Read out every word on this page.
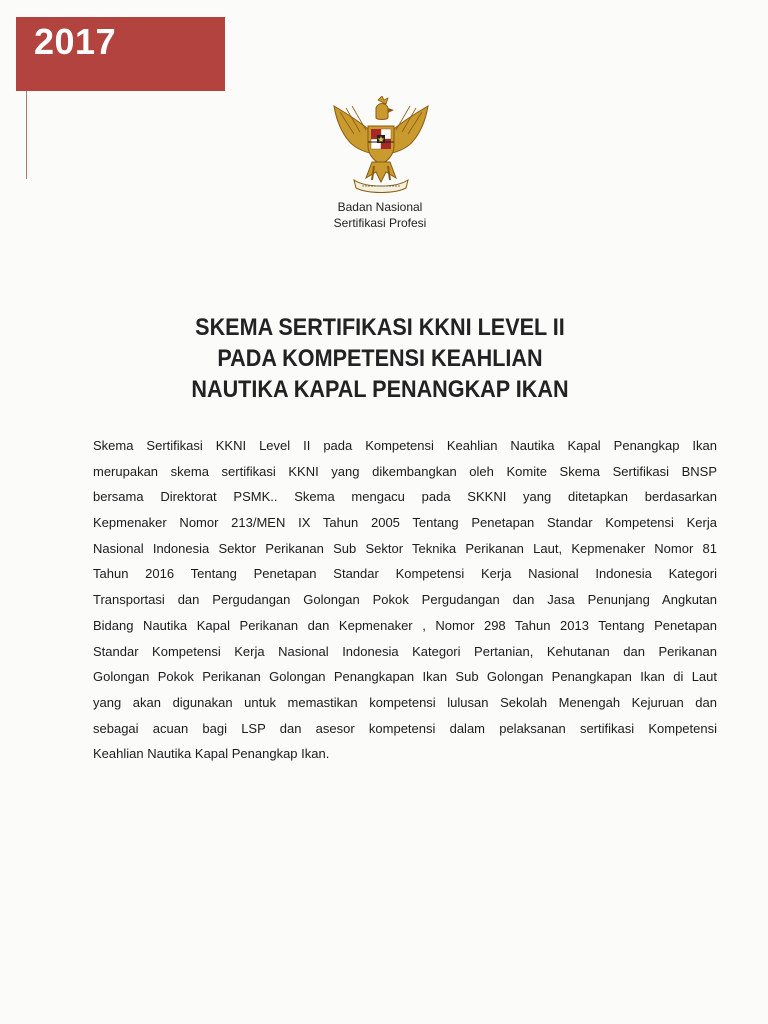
2017
Badan Nasional
Sertifikasi Profesi
SKEMA SERTIFIKASI KKNI LEVEL II
PADA KOMPETENSI KEAHLIAN
NAUTIKA KAPAL PENANGKAP IKAN
Skema Sertifikasi KKNI Level II pada Kompetensi Keahlian Nautika Kapal Penangkap Ikan
merupakan skema sertifikasi KKNI yang dikembangkan oleh Komite Skema Sertifikasi BNSP
bersama Direktorat PSMK.. Skema mengacu pada SKKNI yang ditetapkan berdasarkan
Kepmenaker Nomor 213/MEN IX Tahun 2005 Tentang Penetapan Standar Kompetensi Kerja
Nasional Indonesia Sektor Perikanan Sub Sektor Teknika Perikanan Laut, Kepmenaker Nomor 81
Tahun 2016 Tentang Penetapan Standar Kompetensi Kerja Nasional Indonesia Kategori
Transportasi dan Pergudangan Golongan Pokok Pergudangan dan Jasa Penunjang Angkutan
Bidang Nautika Kapal Perikanan dan Kepmenaker , Nomor 298 Tahun 2013 Tentang Penetapan
Standar Kompetensi Kerja Nasional Indonesia Kategori Pertanian, Kehutanan dan Perikanan
Golongan Pokok Perikanan Golongan Penangkapan Ikan Sub Golongan Penangkapan Ikan di Laut
yang akan digunakan untuk memastikan kompetensi lulusan Sekolah Menengah Kejuruan dan
sebagai acuan bagi LSP dan asesor kompetensi dalam pelaksanan sertifikasi Kompetensi
Keahlian Nautika Kapal Penangkap Ikan.
